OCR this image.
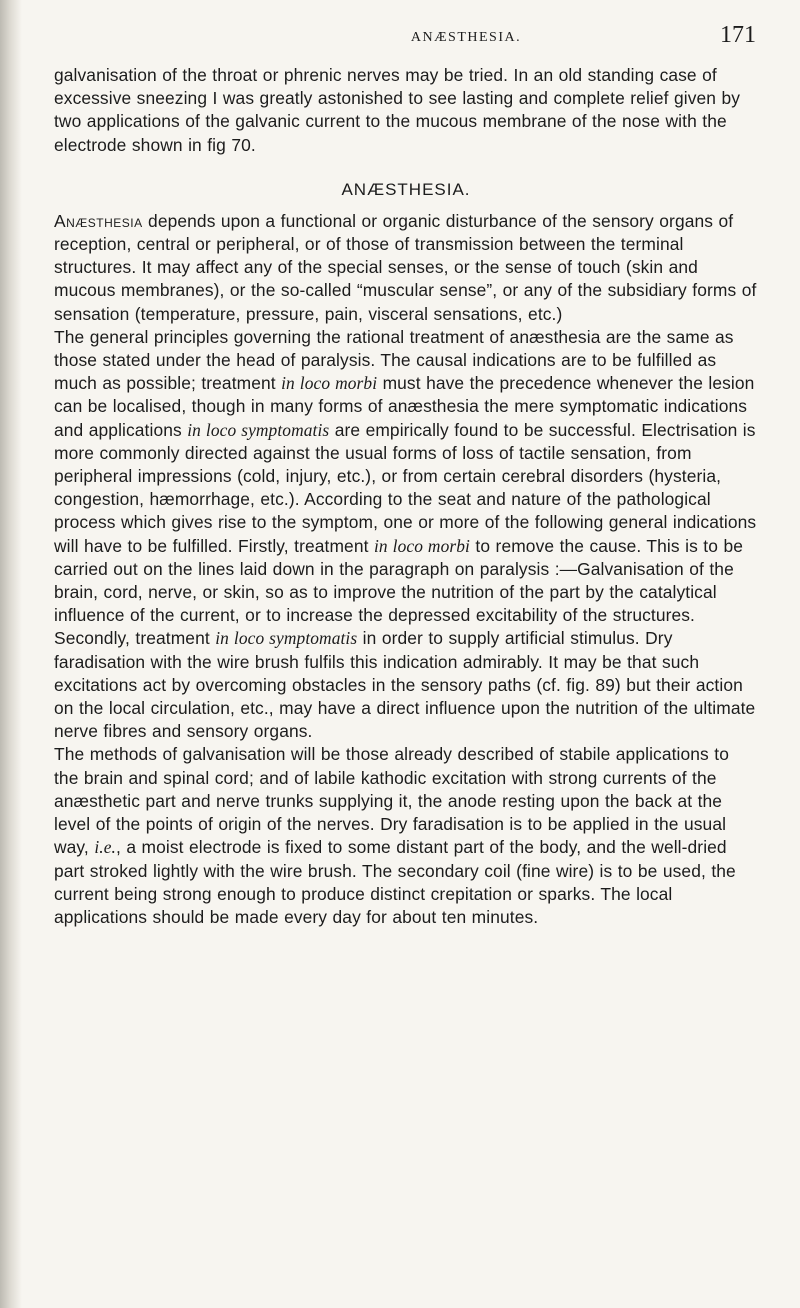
ANÆSTHESIA.	171

galvanisation of the throat or phrenic nerves may be tried. In an old standing case of excessive sneezing I was greatly astonished to see lasting and complete relief given by two applications of the galvanic current to the mucous membrane of the nose with the electrode shown in fig 70.

ANÆSTHESIA.

Anæsthesia depends upon a functional or organic disturbance of the sensory organs of reception, central or peripheral, or of those of transmission between the terminal structures. It may affect any of the special senses, or the sense of touch (skin and mucous membranes), or the so-called “muscular sense”, or any of the subsidiary forms of sensation (temperature, pressure, pain, visceral sensations, etc.)

The general principles governing the rational treatment of anæsthesia are the same as those stated under the head of paralysis. The causal indications are to be fulfilled as much as possible; treatment in loco morbi must have the precedence whenever the lesion can be localised, though in many forms of anæsthesia the mere symptomatic indications and applications in loco symptomatis are empirically found to be successful. Electrisation is more commonly directed against the usual forms of loss of tactile sensation, from peripheral impressions (cold, injury, etc.), or from certain cerebral disorders (hysteria, congestion, hæmorrhage, etc.). According to the seat and nature of the pathological process which gives rise to the symptom, one or more of the following general indications will have to be fulfilled. Firstly, treatment in loco morbi to remove the cause. This is to be carried out on the lines laid down in the paragraph on paralysis :—Galvanisation of the brain, cord, nerve, or skin, so as to improve the nutrition of the part by the catalytical influence of the current, or to increase the depressed excitability of the structures. Secondly, treatment in loco symptomatis in order to supply artificial stimulus. Dry faradisation with the wire brush fulfils this indication admirably. It may be that such excitations act by overcoming obstacles in the sensory paths (cf. fig. 89) but their action on the local circulation, etc., may have a direct influence upon the nutrition of the ultimate nerve fibres and sensory organs.

The methods of galvanisation will be those already described of stabile applications to the brain and spinal cord; and of labile kathodic excitation with strong currents of the anæsthetic part and nerve trunks supplying it, the anode resting upon the back at the level of the points of origin of the nerves. Dry faradisation is to be applied in the usual way, i.e., a moist electrode is fixed to some distant part of the body, and the well-dried part stroked lightly with the wire brush. The secondary coil (fine wire) is to be used, the current being strong enough to produce distinct crepitation or sparks. The local applications should be made every day for about ten minutes.
